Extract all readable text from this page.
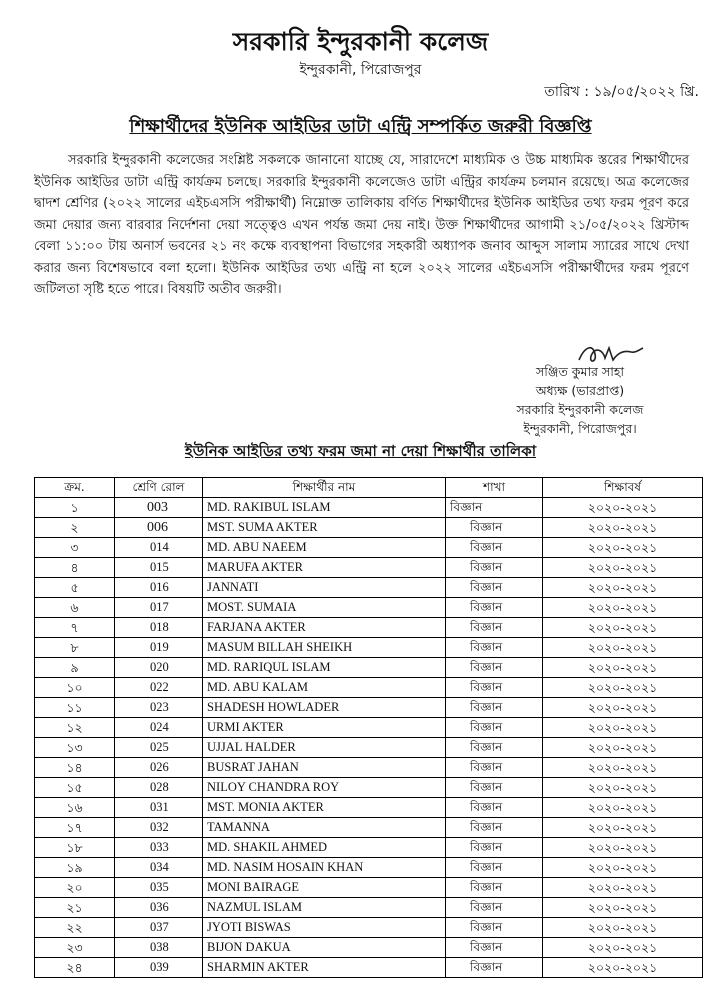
সরকারি ইন্দুরকানী কলেজ
ইন্দুরকানী, পিরোজপুর
তারিখ : ১৯/০৫/২০২২ খ্রি.
শিক্ষার্থীদের ইউনিক আইডির ডাটা এন্ট্রি সম্পর্কিত জরুরী বিজ্ঞপ্তি
সরকারি ইন্দুরকানী কলেজের সংশ্লিষ্ট সকলকে জানানো যাচ্ছে যে, সারাদেশে মাধ্যমিক ও উচ্চ মাধ্যমিক স্তরের শিক্ষার্থীদের ইউনিক আইডির ডাটা এন্ট্রি কার্যক্রম চলছে। সরকারি ইন্দুরকানী কলেজেও ডাটা এন্ট্রির কার্যক্রম চলমান রয়েছে। অত্র কলেজের দ্বাদশ শ্রেণির (২০২২ সালের এইচএসসি পরীক্ষার্থী) নিম্নোক্ত তালিকায় বর্ণিত শিক্ষার্থীদের ইউনিক আইডির তথ্য ফরম পূরণ করে জমা দেয়ার জন্য বারবার নির্দেশনা দেয়া সত্ত্বেও এখন পর্যন্ত জমা দেয় নাই। উক্ত শিক্ষার্থীদের আগামী ২১/০৫/২০২২ খ্রিস্টাব্দ বেলা ১১:০০ টায় অনার্স ভবনের ২১ নং কক্ষে ব্যবস্থাপনা বিভাগের সহকারী অধ্যাপক জনাব আব্দুস সালাম স্যারের সাথে দেখা করার জন্য বিশেষভাবে বলা হলো। ইউনিক আইডির তথ্য এন্ট্রি না হলে ২০২২ সালের এইচএসসি পরীক্ষার্থীদের ফরম পূরণে জটিলতা সৃষ্টি হতে পারে। বিষয়টি অতীব জরুরী।
সঞ্জিত কুমার সাহা
অধ্যক্ষ (ভারপ্রাপ্ত)
সরকারি ইন্দুরকানী কলেজ
ইন্দুরকানী, পিরোজপুর।
ইউনিক আইডির তথ্য ফরম জমা না দেয়া শিক্ষার্থীর তালিকা
ক্রম.	শ্রেণি রোল	শিক্ষার্থীর নাম	শাখা	শিক্ষাবর্ষ
১	003	MD. RAKIBUL ISLAM	বিজ্ঞান	২০২০-২০২১
২	006	MST. SUMA AKTER	বিজ্ঞান	২০২০-২০২১
৩	014	MD. ABU NAEEM	বিজ্ঞান	২০২০-২০২১
৪	015	MARUFA AKTER	বিজ্ঞান	২০২০-২০২১
৫	016	JANNATI	বিজ্ঞান	২০২০-২০২১
৬	017	MOST. SUMAIA	বিজ্ঞান	২০২০-২০২১
৭	018	FARJANA AKTER	বিজ্ঞান	২০২০-২০২১
৮	019	MASUM BILLAH SHEIKH	বিজ্ঞান	২০২০-২০২১
৯	020	MD. RARIQUL ISLAM	বিজ্ঞান	২০২০-২০২১
১০	022	MD. ABU KALAM	বিজ্ঞান	২০২০-২০২১
১১	023	SHADESH HOWLADER	বিজ্ঞান	২০২০-২০২১
১২	024	URMI AKTER	বিজ্ঞান	২০২০-২০২১
১৩	025	UJJAL HALDER	বিজ্ঞান	২০২০-২০২১
১৪	026	BUSRAT JAHAN	বিজ্ঞান	২০২০-২০২১
১৫	028	NILOY CHANDRA ROY	বিজ্ঞান	২০২০-২০২১
১৬	031	MST. MONIA AKTER	বিজ্ঞান	২০২০-২০২১
১৭	032	TAMANNA	বিজ্ঞান	২০২০-২০২১
১৮	033	MD. SHAKIL AHMED	বিজ্ঞান	২০২০-২০২১
১৯	034	MD. NASIM HOSAIN KHAN	বিজ্ঞান	২০২০-২০২১
২০	035	MONI BAIRAGE	বিজ্ঞান	২০২০-২০২১
২১	036	NAZMUL ISLAM	বিজ্ঞান	২০২০-২০২১
২২	037	JYOTI BISWAS	বিজ্ঞান	২০২০-২০২১
২৩	038	BIJON DAKUA	বিজ্ঞান	২০২০-২০২১
২৪	039	SHARMIN AKTER	বিজ্ঞান	২০২০-২০২১
